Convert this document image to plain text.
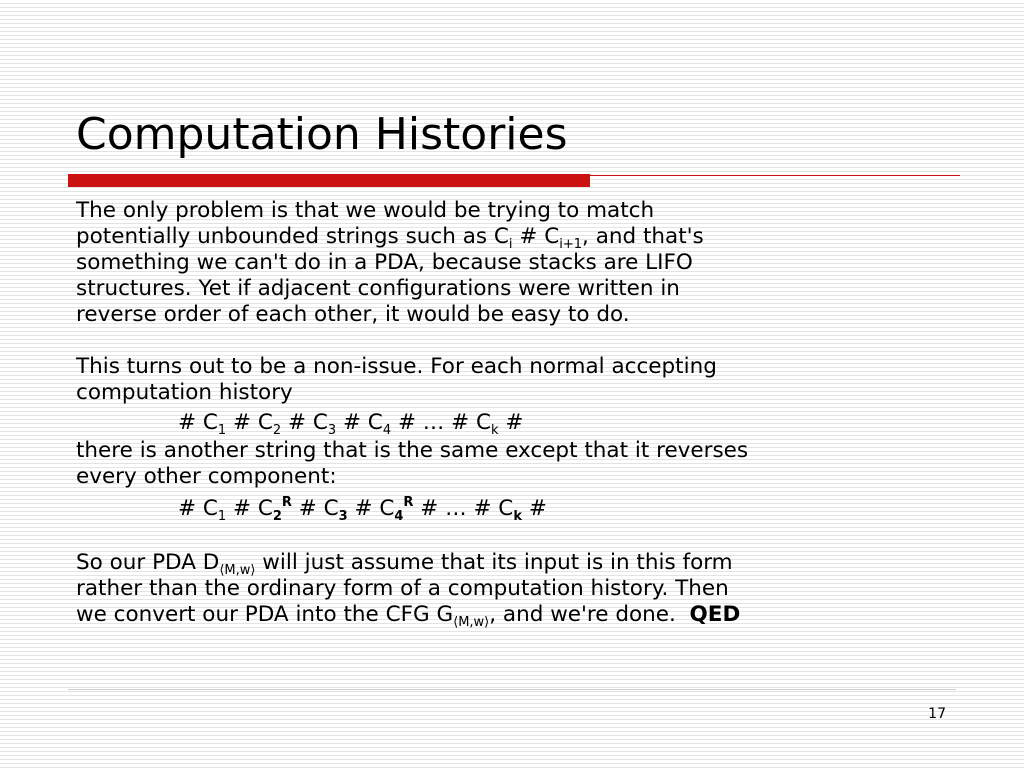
Computation Histories

The only problem is that we would be trying to match
potentially unbounded strings such as $C_i$ # $C_{i+1}$, and that's
something we can't do in a PDA, because stacks are LIFO
structures. Yet if adjacent configurations were written in
reverse order of each other, it would be easy to do.

This turns out to be a non-issue. For each normal accepting
computation history

# $C_1$ # $C_2$ # $C_3$ # $C_4$ # … # $C_k$ #

there is another string that is the same except that it reverses
every other component:

# $C_1$ # $C_2^R$ # $C_3$ # $C_4^R$ # … # $C_k$ #

So our PDA $D_{⟨M,w⟩}$ will just assume that its input is in this form
rather than the ordinary form of a computation history. Then
we convert our PDA into the CFG $G_{⟨M,w⟩}$, and we're done.  QED

17
